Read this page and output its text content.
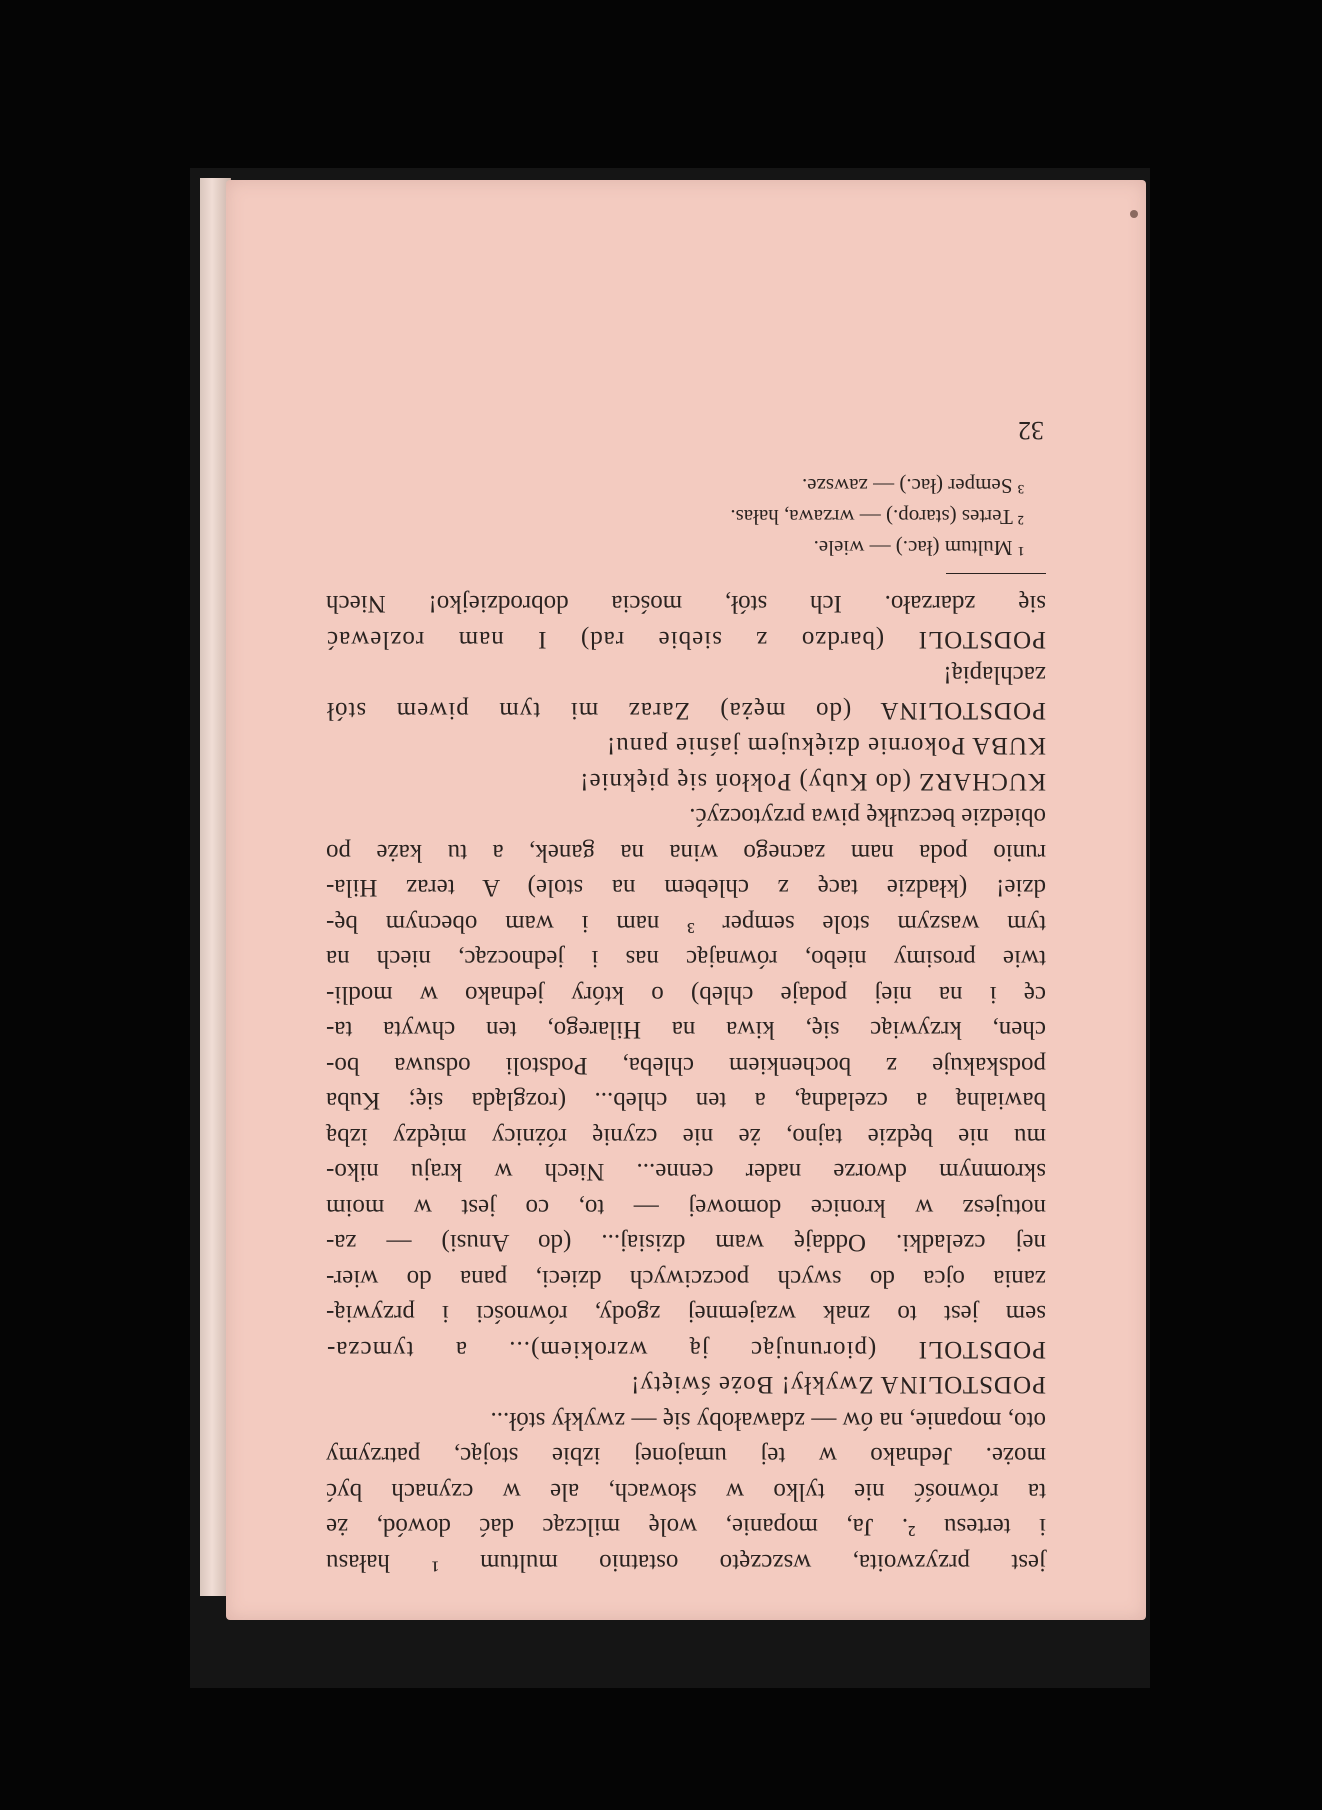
jest przyzwoita, wszczęto ostatnio multum ¹ hałasu
i tertesu ². Ja, mopanie, wolę milcząc dać dowód, że
ta równość nie tylko w słowach, ale w czynach być
może. Jednako w tej umajonej izbie stojąc, patrzymy
oto, mopanie, na ów — zdawałoby się — zwykły stół...
PODSTOLINA Zwykły! Boże święty!
PODSTOLI (piorunując ją wzrokiem)... a tymcza-
sem jest to znak wzajemnej zgody, równości i przywią-
zania ojca do swych poczciwych dzieci, pana do wier-
nej czeladki. Oddaję wam dzisiaj... (do Anusi) — za-
notujesz w kronice domowej — to, co jest w moim
skromnym dworze nader cenne... Niech w kraju niko-
mu nie będzie tajno, że nie czynię różnicy między izbą
bawialną a czeladną, a ten chleb... (rozgląda się; Kuba
podskakuje z bochenkiem chleba, Podstoli odsuwa bo-
chen, krzywiąc się, kiwa na Hilarego, ten chwyta ta-
cę i na niej podaje chleb) o który jednako w modli-
twie prosimy niebo, równając nas i jednocząc, niech na
tym waszym stole semper ³ nam i wam obecnym bę-
dzie! (kładzie tacę z chlebem na stole) A teraz Hila-
runio poda nam zacnego wina na ganek, a tu każe po
obiedzie beczułkę piwa przytoczyć.
KUCHARZ (do Kuby) Pokłoń się pięknie!
KUBA Pokornie dziękujem jaśnie panu!
PODSTOLINA (do męża) Zaraz mi tym piwem stół
zachlapią!
PODSTOLI (bardzo z siebie rad) I nam rozlewać
się zdarzało. Ich stół, mościa dobrodziejko! Niech
¹ Multum (łac.) — wiele.
² Tertes (starop.) — wrzawa, hałas.
³ Semper (łac.) — zawsze.
32
